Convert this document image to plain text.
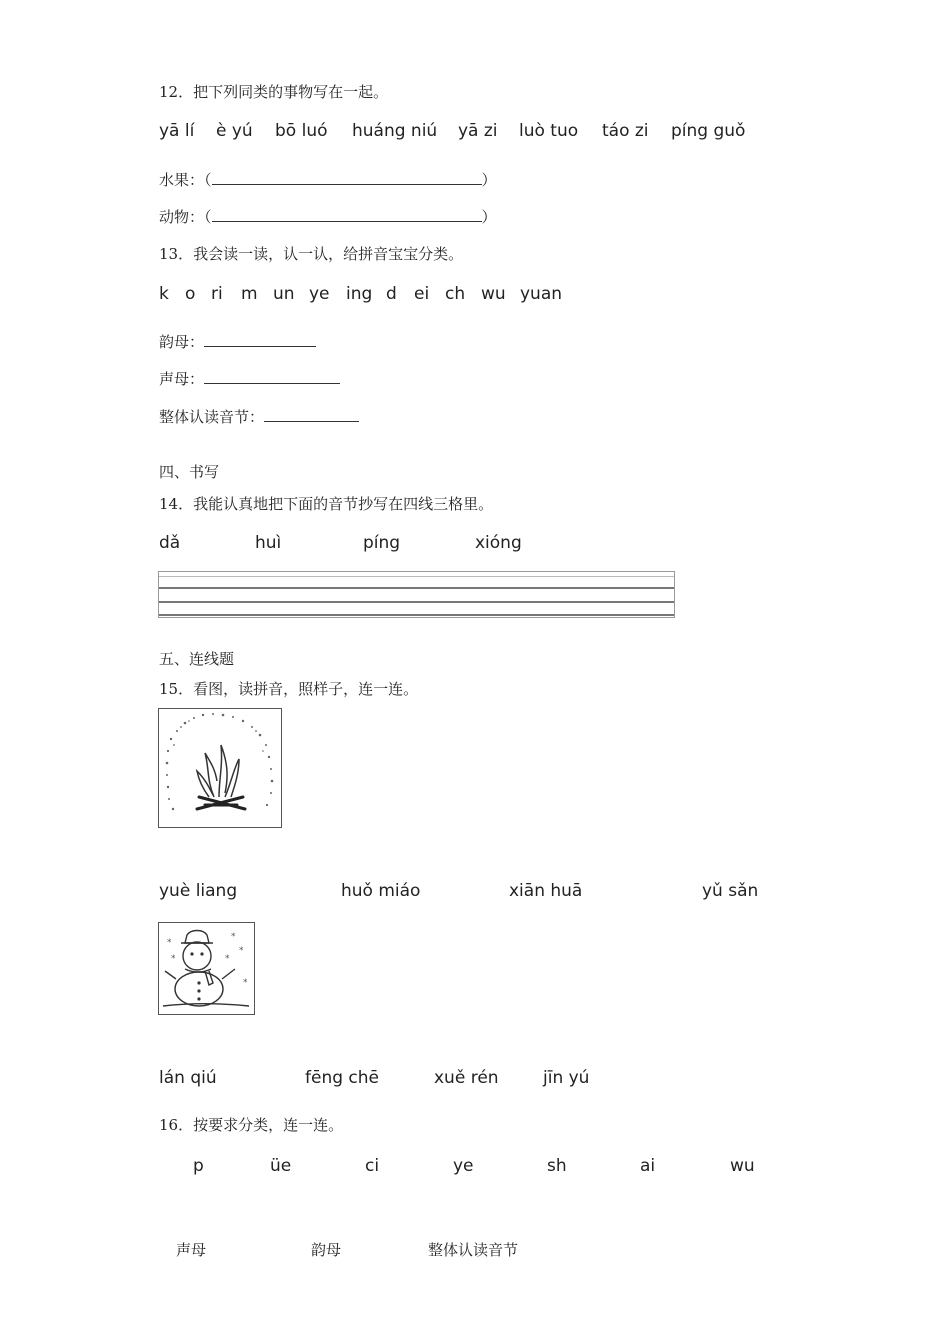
12．把下列同类的事物写在一起。
yā lí è yú bō luó huáng niú yā zi luò tuo táo zi píng guǒ
水果：（	）
动物：（	）
13．我会读一读，认一认，给拼音宝宝分类。
k o ri m un ye ing d ei ch wu yuan
韵母：
声母：
整体认读音节：
四、书写
14．我能认真地把下面的音节抄写在四线三格里。
dǎ	huì	píng	xióng
五、连线题
15．看图，读拼音，照样子，连一连。
yuè liang	huǒ miáo	xiān huā	yǔ sǎn
*
*
*
*
*
*
lán qiú	fēng chē	xuě rén	jīn yú
16．按要求分类，连一连。
p	üe	ci	ye	sh	ai	wu
声母	韵母	整体认读音节
